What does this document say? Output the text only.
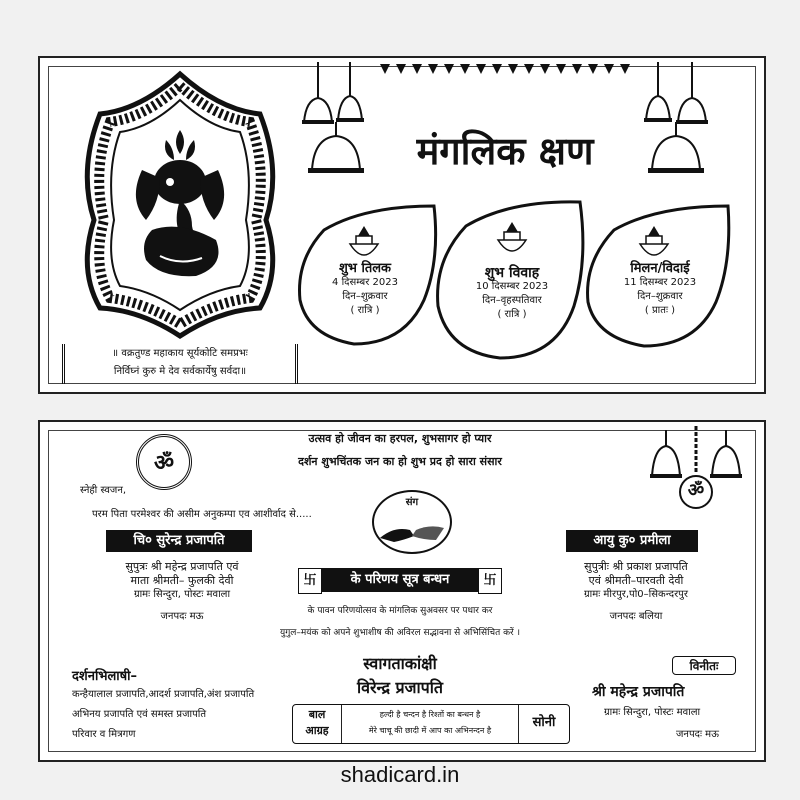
॥ वक्रतुण्ड महाकाय सूर्यकोटि समप्रभः
निर्विघ्नं कुरु मे देव सर्वकार्येषु सर्वदा॥
मंगलिक क्षण
शुभ तिलक
4 दिसम्बर 2023
दिन–शुक्रवार
( रात्रि )
शुभ विवाह
10 दिसम्बर 2023
दिन–वृहस्पतिवार
( रात्रि )
मिलन/विदाई
11 दिसम्बर 2023
दिन–शुक्रवार
( प्रातः )
उत्सव हो जीवन का हरपल, शुभसागर हो प्यार
दर्शन शुभचिंतक जन का हो शुभ प्रद हो सारा संसार
ॐ
ॐ
स्नेही स्वजन,
परम पिता परमेश्वर की असीम अनुकम्पा एव आशीर्वाद से.....
संग
चि० सुरेन्द्र प्रजापति
सुपुत्रः श्री महेन्द्र प्रजापति एवं
माता श्रीमती– फुलकी देवी
ग्रामः सिन्दुरा, पोस्टः मवाला
जनपदः मऊ
आयु कु० प्रमीला
सुपुत्रीः श्री प्रकाश प्रजापति
एवं श्रीमती–पारवती देवी
ग्रामः मीरपुर,पो0–सिकन्दरपुर
जनपदः बलिया
卐	के परिणय सूत्र बन्धन	卐
के पावन परिणयोत्सव के मांगलिक सुअवसर पर पधार कर
युगुल–मयंक को अपने शुभाशीष की अविरल सद्भावना से अभिसिंचित करें ।
स्वागताकांक्षी
विरेन्द्र प्रजापति
दर्शनभिलाषी–
कन्हैयालाल प्रजापति,आदर्श प्रजापति,अंश प्रजापति
अभिनय प्रजापति एवं समस्त प्रजापति
परिवार व मित्रगण
विनीतः
श्री महेन्द्र प्रजापति
ग्रामः सिन्दुरा, पोस्टः मवाला
जनपदः मऊ
बाल
आग्रह
हल्दी है चन्दन है रिश्तों का बन्धन है
मेरे चाचू की छादी में आप का अभिनन्दन है
सोनी
shadicard.in
